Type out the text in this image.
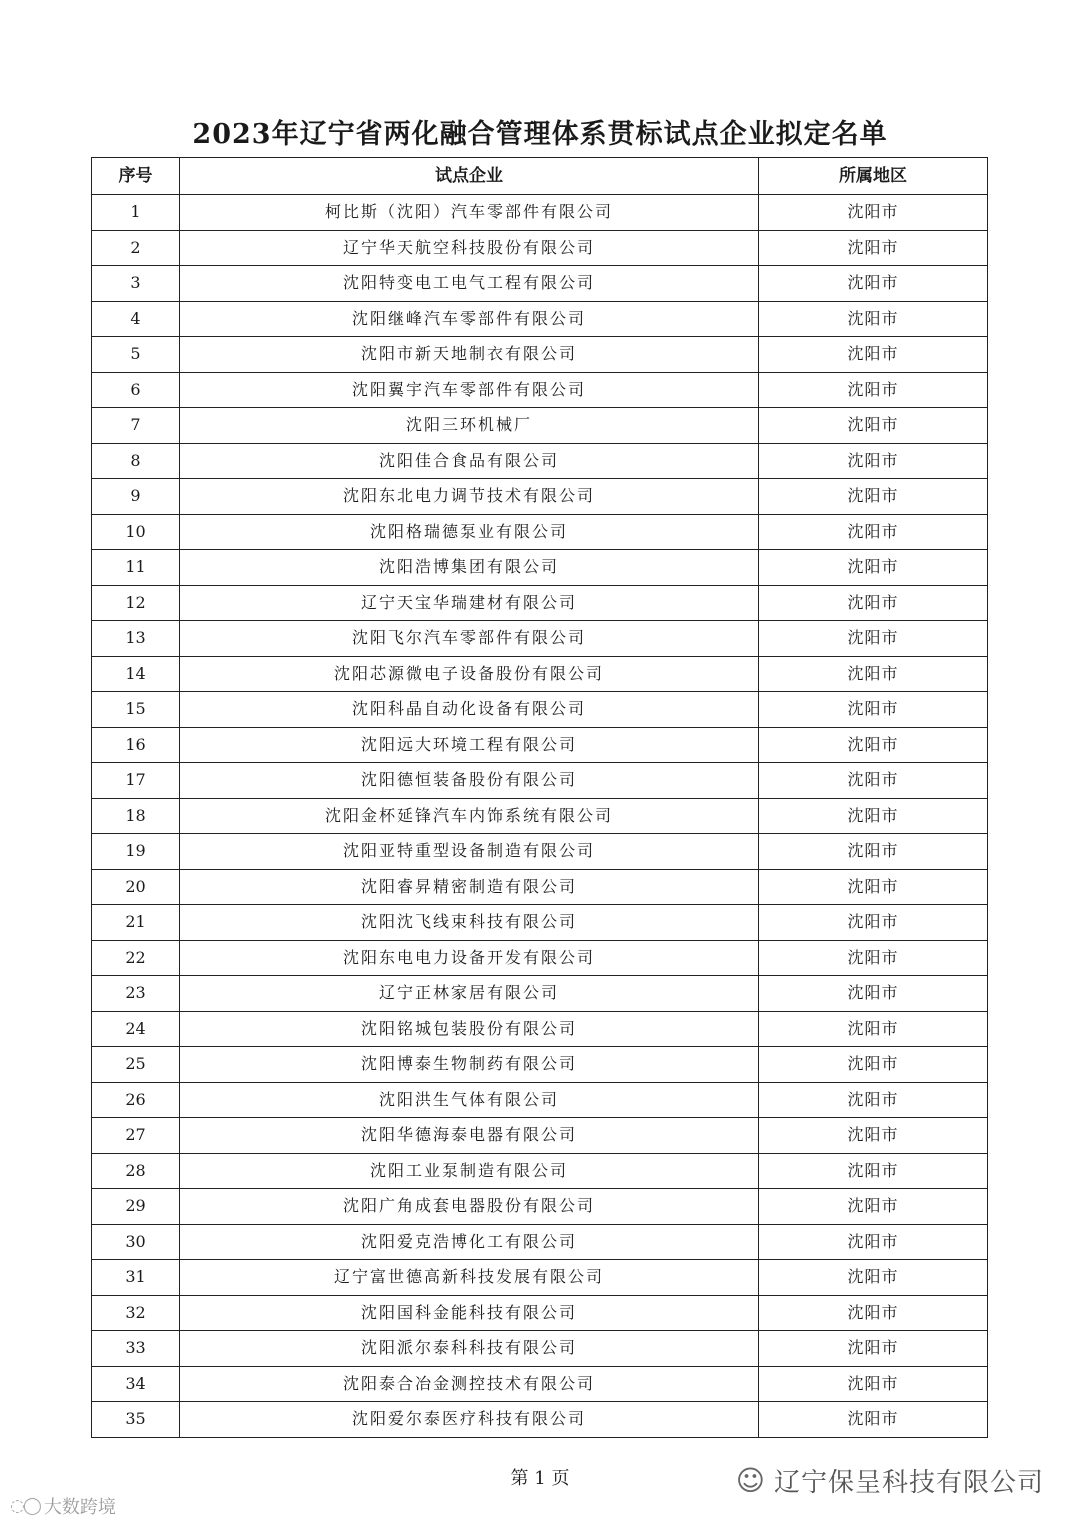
2023年辽宁省两化融合管理体系贯标试点企业拟定名单
序号	试点企业	所属地区
1	柯比斯（沈阳）汽车零部件有限公司	沈阳市
2	辽宁华天航空科技股份有限公司	沈阳市
3	沈阳特变电工电气工程有限公司	沈阳市
4	沈阳继峰汽车零部件有限公司	沈阳市
5	沈阳市新天地制衣有限公司	沈阳市
6	沈阳翼宇汽车零部件有限公司	沈阳市
7	沈阳三环机械厂	沈阳市
8	沈阳佳合食品有限公司	沈阳市
9	沈阳东北电力调节技术有限公司	沈阳市
10	沈阳格瑞德泵业有限公司	沈阳市
11	沈阳浩博集团有限公司	沈阳市
12	辽宁天宝华瑞建材有限公司	沈阳市
13	沈阳飞尔汽车零部件有限公司	沈阳市
14	沈阳芯源微电子设备股份有限公司	沈阳市
15	沈阳科晶自动化设备有限公司	沈阳市
16	沈阳远大环境工程有限公司	沈阳市
17	沈阳德恒装备股份有限公司	沈阳市
18	沈阳金杯延锋汽车内饰系统有限公司	沈阳市
19	沈阳亚特重型设备制造有限公司	沈阳市
20	沈阳睿昇精密制造有限公司	沈阳市
21	沈阳沈飞线束科技有限公司	沈阳市
22	沈阳东电电力设备开发有限公司	沈阳市
23	辽宁正林家居有限公司	沈阳市
24	沈阳铭城包装股份有限公司	沈阳市
25	沈阳博泰生物制药有限公司	沈阳市
26	沈阳洪生气体有限公司	沈阳市
27	沈阳华德海泰电器有限公司	沈阳市
28	沈阳工业泵制造有限公司	沈阳市
29	沈阳广角成套电器股份有限公司	沈阳市
30	沈阳爱克浩博化工有限公司	沈阳市
31	辽宁富世德高新科技发展有限公司	沈阳市
32	沈阳国科金能科技有限公司	沈阳市
33	沈阳派尔泰科科技有限公司	沈阳市
34	沈阳泰合冶金测控技术有限公司	沈阳市
35	沈阳爱尔泰医疗科技有限公司	沈阳市
第 1 页	☺ 辽宁保呈科技有限公司
◌◯ 大数跨境
